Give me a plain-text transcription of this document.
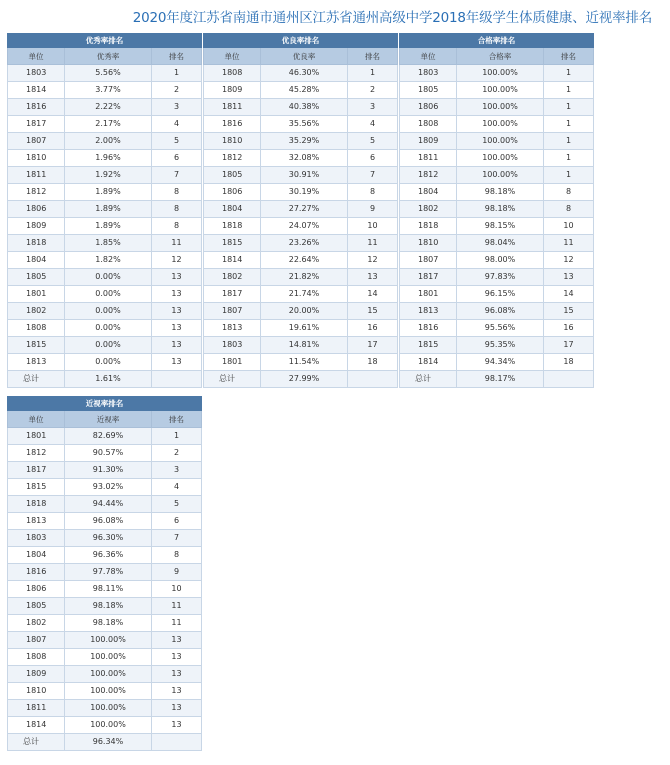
2020年度江苏省南通市通州区江苏省通州高级中学2018年级学生体质健康、近视率排名
优秀率排名		
单位	优秀率	排名
1803	5.56%	1
1814	3.77%	2
1816	2.22%	3
1817	2.17%	4
1807	2.00%	5
1810	1.96%	6
1811	1.92%	7
1812	1.89%	8
1806	1.89%	8
1809	1.89%	8
1818	1.85%	11
1804	1.82%	12
1805	0.00%	13
1801	0.00%	13
1802	0.00%	13
1808	0.00%	13
1815	0.00%	13
1813	0.00%	13
总计	1.61%	
优良率排名		
单位	优良率	排名
1808	46.30%	1
1809	45.28%	2
1811	40.38%	3
1816	35.56%	4
1810	35.29%	5
1812	32.08%	6
1805	30.91%	7
1806	30.19%	8
1804	27.27%	9
1818	24.07%	10
1815	23.26%	11
1814	22.64%	12
1802	21.82%	13
1817	21.74%	14
1807	20.00%	15
1813	19.61%	16
1803	14.81%	17
1801	11.54%	18
总计	27.99%	
合格率排名		
单位	合格率	排名
1803	100.00%	1
1805	100.00%	1
1806	100.00%	1
1808	100.00%	1
1809	100.00%	1
1811	100.00%	1
1812	100.00%	1
1804	98.18%	8
1802	98.18%	8
1818	98.15%	10
1810	98.04%	11
1807	98.00%	12
1817	97.83%	13
1801	96.15%	14
1813	96.08%	15
1816	95.56%	16
1815	95.35%	17
1814	94.34%	18
总计	98.17%	
近视率排名		
单位	近视率	排名
1801	82.69%	1
1812	90.57%	2
1817	91.30%	3
1815	93.02%	4
1818	94.44%	5
1813	96.08%	6
1803	96.30%	7
1804	96.36%	8
1816	97.78%	9
1806	98.11%	10
1805	98.18%	11
1802	98.18%	11
1807	100.00%	13
1808	100.00%	13
1809	100.00%	13
1810	100.00%	13
1811	100.00%	13
1814	100.00%	13
总计	96.34%	
